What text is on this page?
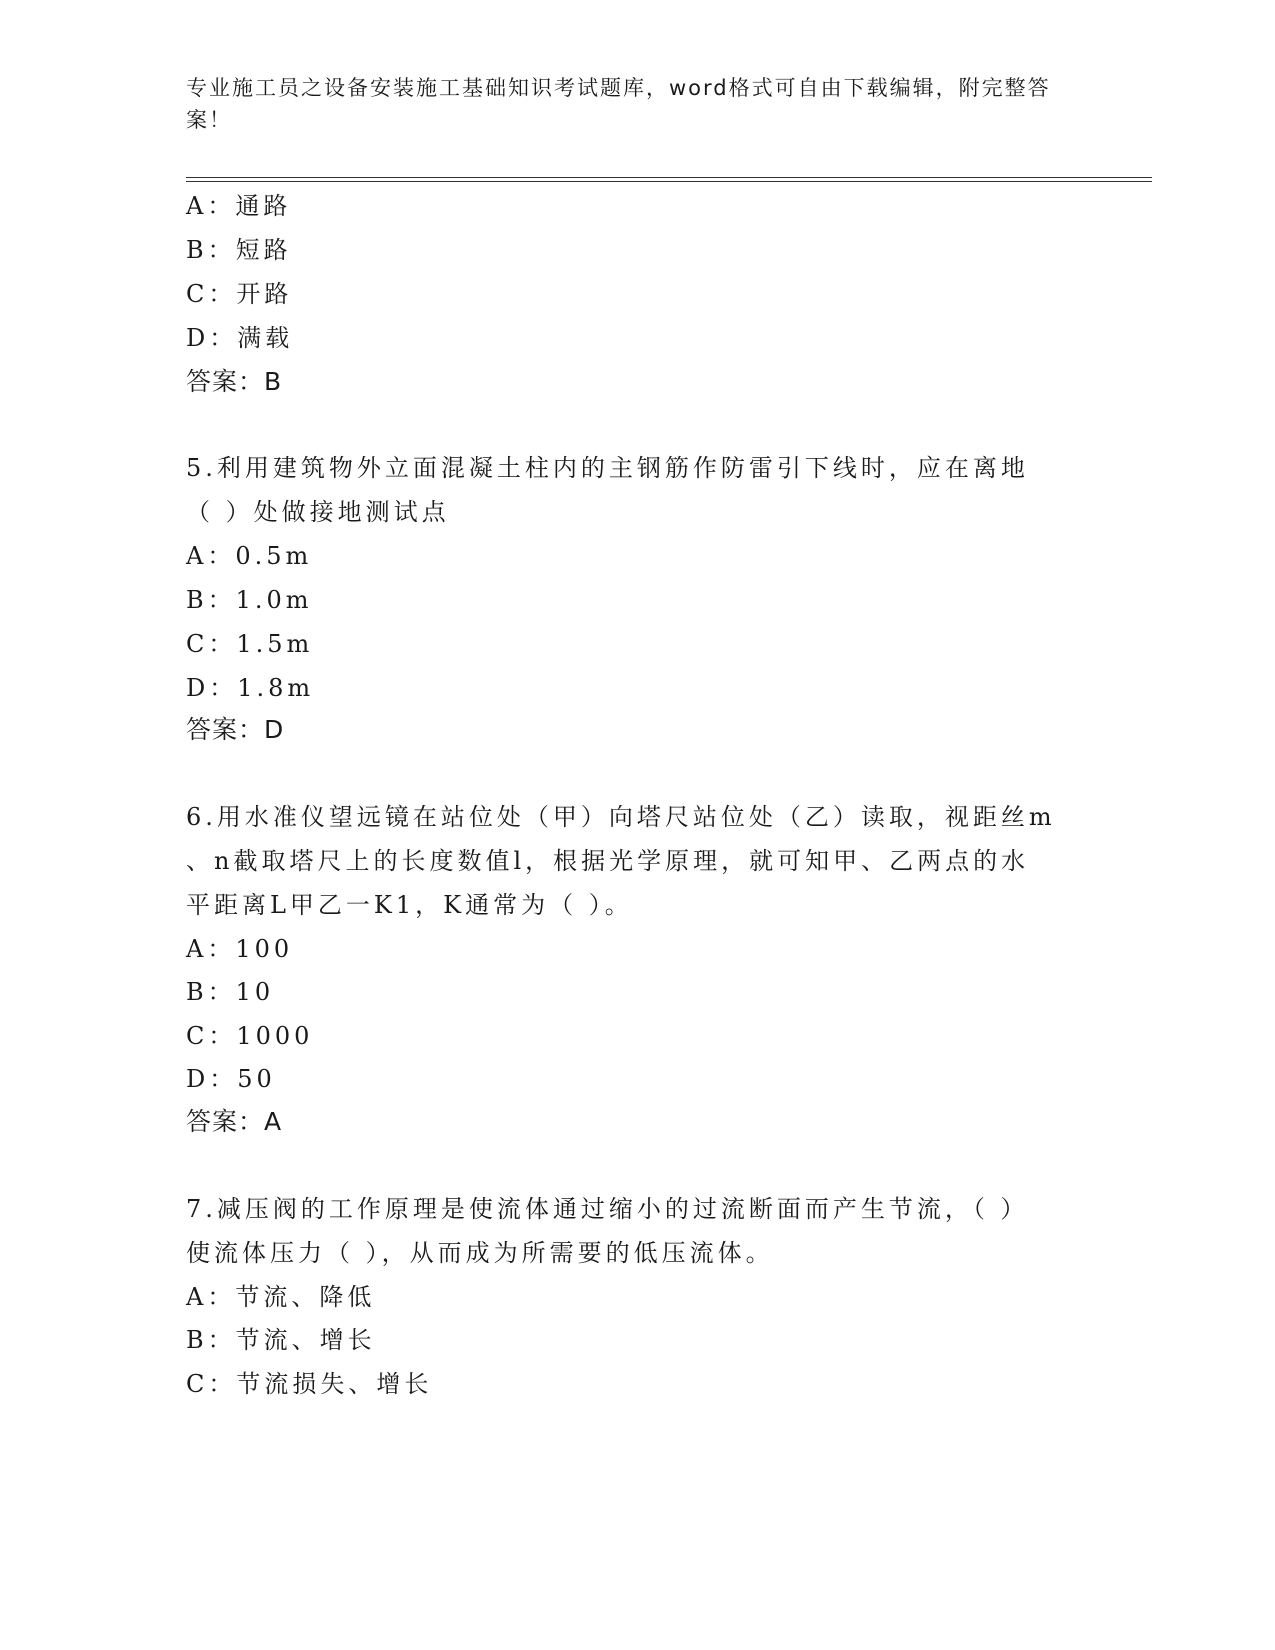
专业施工员之设备安装施工基础知识考试题库，word格式可自由下载编辑，附完整答案！
A：通路
B：短路
C：开路
D：满载
答案：B
5.利用建筑物外立面混凝土柱内的主钢筋作防雷引下线时，应在离地
（ ）处做接地测试点
A：0.5m
B：1.0m
C：1.5m
D：1.8m
答案：D
6.用水准仪望远镜在站位处（甲）向塔尺站位处（乙）读取，视距丝m
、n截取塔尺上的长度数值l，根据光学原理，就可知甲、乙两点的水
平距离L甲乙一K1，K通常为（ ）。
A：100
B：10
C：1000
D：50
答案：A
7.减压阀的工作原理是使流体通过缩小的过流断面而产生节流，（ ）
使流体压力（ ），从而成为所需要的低压流体。
A：节流、降低
B：节流、增长
C：节流损失、增长
